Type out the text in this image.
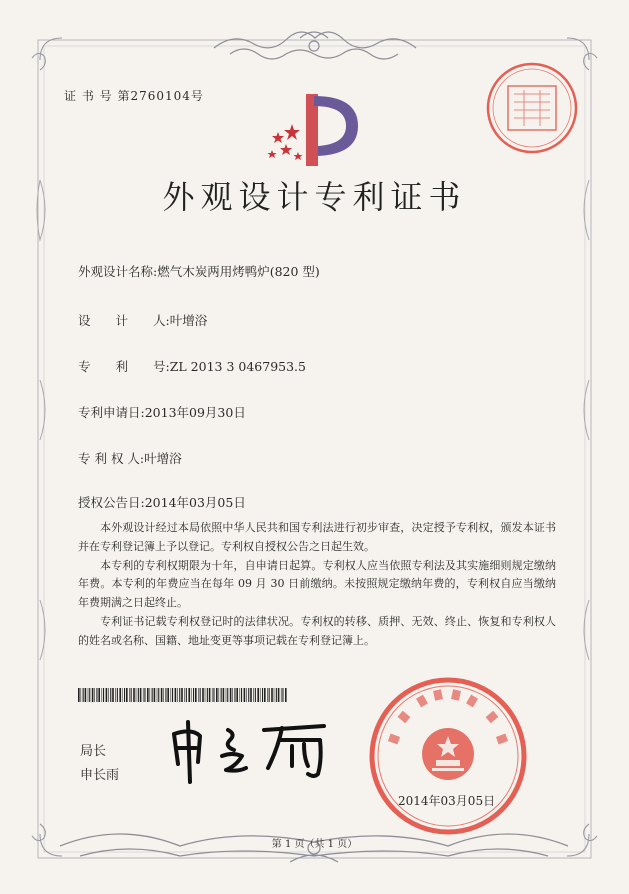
证 书 号 第2760104号
外观设计专利证书
外观设计名称:燃气木炭两用烤鸭炉(820 型)
设　　计　　人:叶增浴
专　　利　　号:ZL 2013 3 0467953.5
专利申请日:2013年09月30日
专 利 权 人:叶增浴
授权公告日:2014年03月05日

本外观设计经过本局依照中华人民共和国专利法进行初步审查，决定授予专利权，颁发本证书并在专利登记簿上予以登记。专利权自授权公告之日起生效。

本专利的专利权期限为十年，自申请日起算。专利权人应当依照专利法及其实施细则规定缴纳年费。本专利的年费应当在每年 09 月 30 日前缴纳。未按照规定缴纳年费的，专利权自应当缴纳年费期满之日起终止。

专利证书记载专利权登记时的法律状况。专利权的转移、质押、无效、终止、恢复和专利权人的姓名或名称、国籍、地址变更等事项记载在专利登记簿上。

局长
申长雨
2014年03月05日
第 1 页（共 1 页）
